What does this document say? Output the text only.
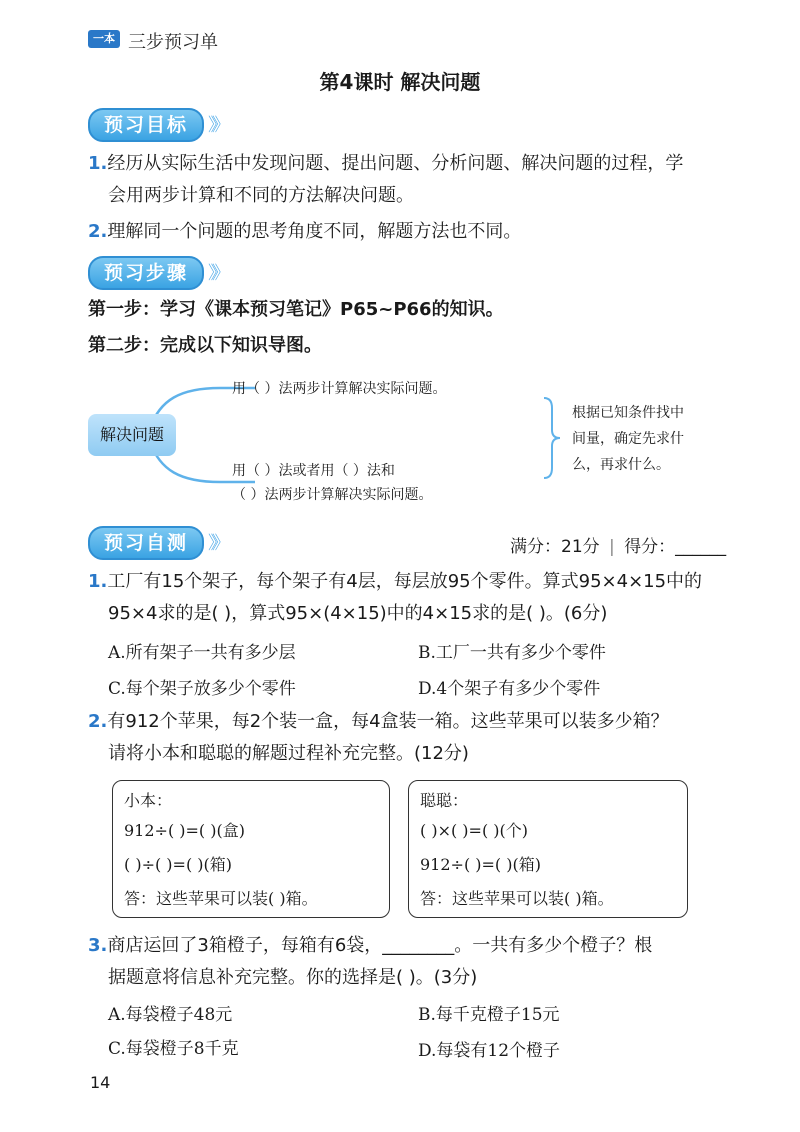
一本 三步预习单
第4课时 解决问题
预习目标	》》
1.经历从实际生活中发现问题、提出问题、分析问题、解决问题的过程，学
会用两步计算和不同的方法解决问题。
2.理解同一个问题的思考角度不同，解题方法也不同。
预习步骤	》》
第一步：学习《课本预习笔记》P65~P66的知识。
第二步：完成以下知识导图。
解决问题
用（ ）法两步计算解决实际问题。
用（ ）法或者用（ ）法和
（ ）法两步计算解决实际问题。
根据已知条件找中
间量，确定先求什
么，再求什么。
预习自测	》》	满分：21分 | 得分：______
1.工厂有15个架子，每个架子有4层，每层放95个零件。算式95×4×15中的
95×4求的是( )，算式95×(4×15)中的4×15求的是( )。(6分)
A.所有架子一共有多少层	B.工厂一共有多少个零件
C.每个架子放多少个零件	D.4个架子有多少个零件
2.有912个苹果，每2个装一盒，每4盒装一箱。这些苹果可以装多少箱？
请将小本和聪聪的解题过程补充完整。(12分)
小本：
912÷( )=( )(盒)
( )÷( )=( )(箱)
答：这些苹果可以装( )箱。
聪聪：
( )×( )=( )(个)
912÷( )=( )(箱)
答：这些苹果可以装( )箱。
3.商店运回了3箱橙子，每箱有6袋，________。一共有多少个橙子？根
据题意将信息补充完整。你的选择是( )。(3分)
A.每袋橙子48元	B.每千克橙子15元
C.每袋橙子8千克	D.每袋有12个橙子
14
